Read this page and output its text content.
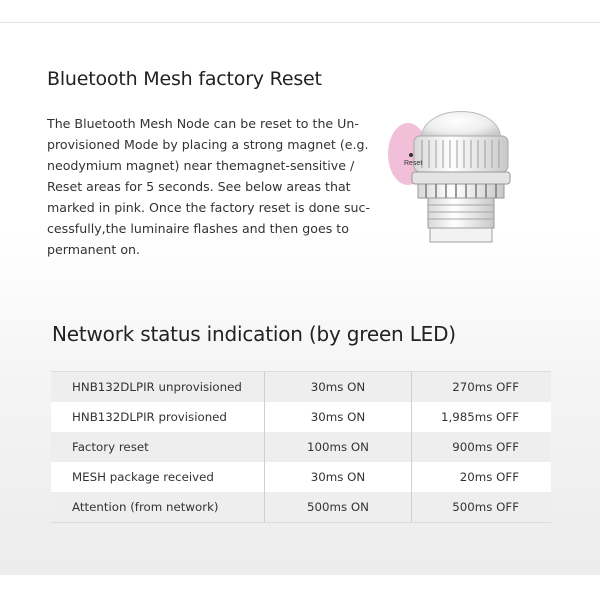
Bluetooth Mesh factory Reset
The Bluetooth Mesh Node can be reset to the Un-
provisioned Mode by placing a strong magnet (e.g.
neodymium magnet) near themagnet-sensitive /
Reset areas for 5 seconds. See below areas that
marked in pink. Once the factory reset is done suc-
cessfully,the luminaire flashes and then goes to
permanent on.
Reset
Network status indication (by green LED)
HNB132DLPIR unprovisioned	30ms ON	270ms OFF
HNB132DLPIR provisioned	30ms ON	1,985ms OFF
Factory reset	100ms ON	900ms OFF
MESH package received	30ms ON	20ms OFF
Attention (from network)	500ms ON	500ms OFF
